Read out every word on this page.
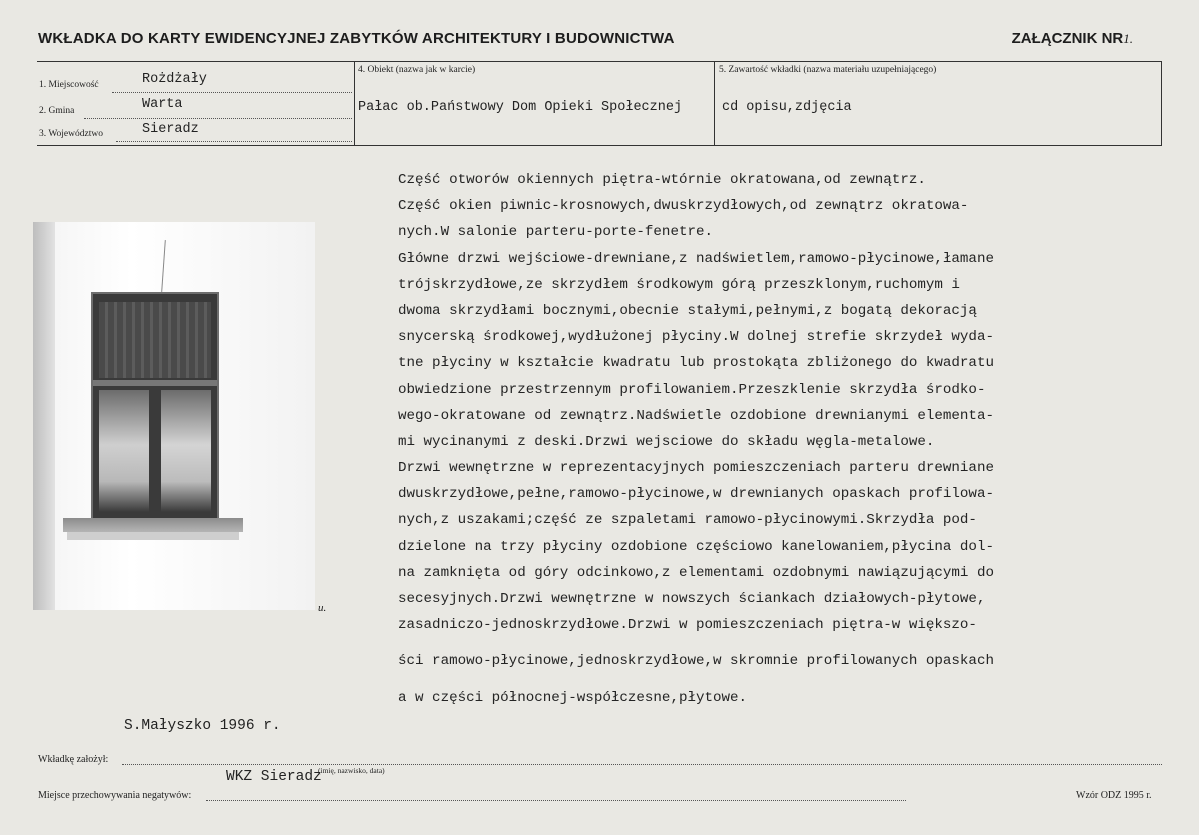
WKŁADKA DO KARTY EWIDENCYJNEJ ZABYTKÓW ARCHITEKTURY I BUDOWNICTWA	ZAŁĄCZNIK NR1.
1. Miejscowość	Rożdżały
2. Gmina	Warta
3. Województwo	Sieradz
4. Obiekt (nazwa jak w karcie)
Pałac ob.Państwowy Dom Opieki Społecznej
5. Zawartość wkładki (nazwa materiału uzupełniającego)
cd opisu,zdjęcia
u.
Część otworów okiennych piętra-wtórnie okratowana,od zewnątrz.
Część okien piwnic-krosnowych,dwuskrzydłowych,od zewnątrz okratowa-
nych.W salonie parteru-porte-fenetre.
Główne drzwi wejściowe-drewniane,z nadświetlem,ramowo-płycinowe,łamane
trójskrzydłowe,ze skrzydłem środkowym górą przeszklonym,ruchomym i
dwoma skrzydłami bocznymi,obecnie stałymi,pełnymi,z bogatą dekoracją
snycerską środkowej,wydłużonej płyciny.W dolnej strefie skrzydeł wyda-
tne płyciny w kształcie kwadratu lub prostokąta zbliżonego do kwadratu
obwiedzione przestrzennym profilowaniem.Przeszklenie skrzydła środko-
wego-okratowane od zewnątrz.Nadświetle ozdobione drewnianymi elementa-
mi wycinanymi z deski.Drzwi wejsciowe do składu węgla-metalowe.
Drzwi wewnętrzne w reprezentacyjnych pomieszczeniach parteru drewniane
dwuskrzydłowe,pełne,ramowo-płycinowe,w drewnianych opaskach profilowa-
nych,z uszakami;część ze szpaletami ramowo-płycinowymi.Skrzydła pod-
dzielone na trzy płyciny ozdobione częściowo kanelowaniem,płycina dol-
na zamknięta od góry odcinkowo,z elementami ozdobnymi nawiązującymi do
secesyjnych.Drzwi wewnętrzne w nowszych ściankach działowych-płytowe,
zasadniczo-jednoskrzydłowe.Drzwi w pomieszczeniach piętra-w większo-
ści ramowo-płycinowe,jednoskrzydłowe,w skromnie profilowanych opaskach
a w części północnej-współczesne,płytowe.
S.Małyszko 1996 r.
Wkładkę założył:
(imię, nazwisko, data)
WKZ Sieradz
Miejsce przechowywania negatywów:	Wzór ODZ 1995 r.
